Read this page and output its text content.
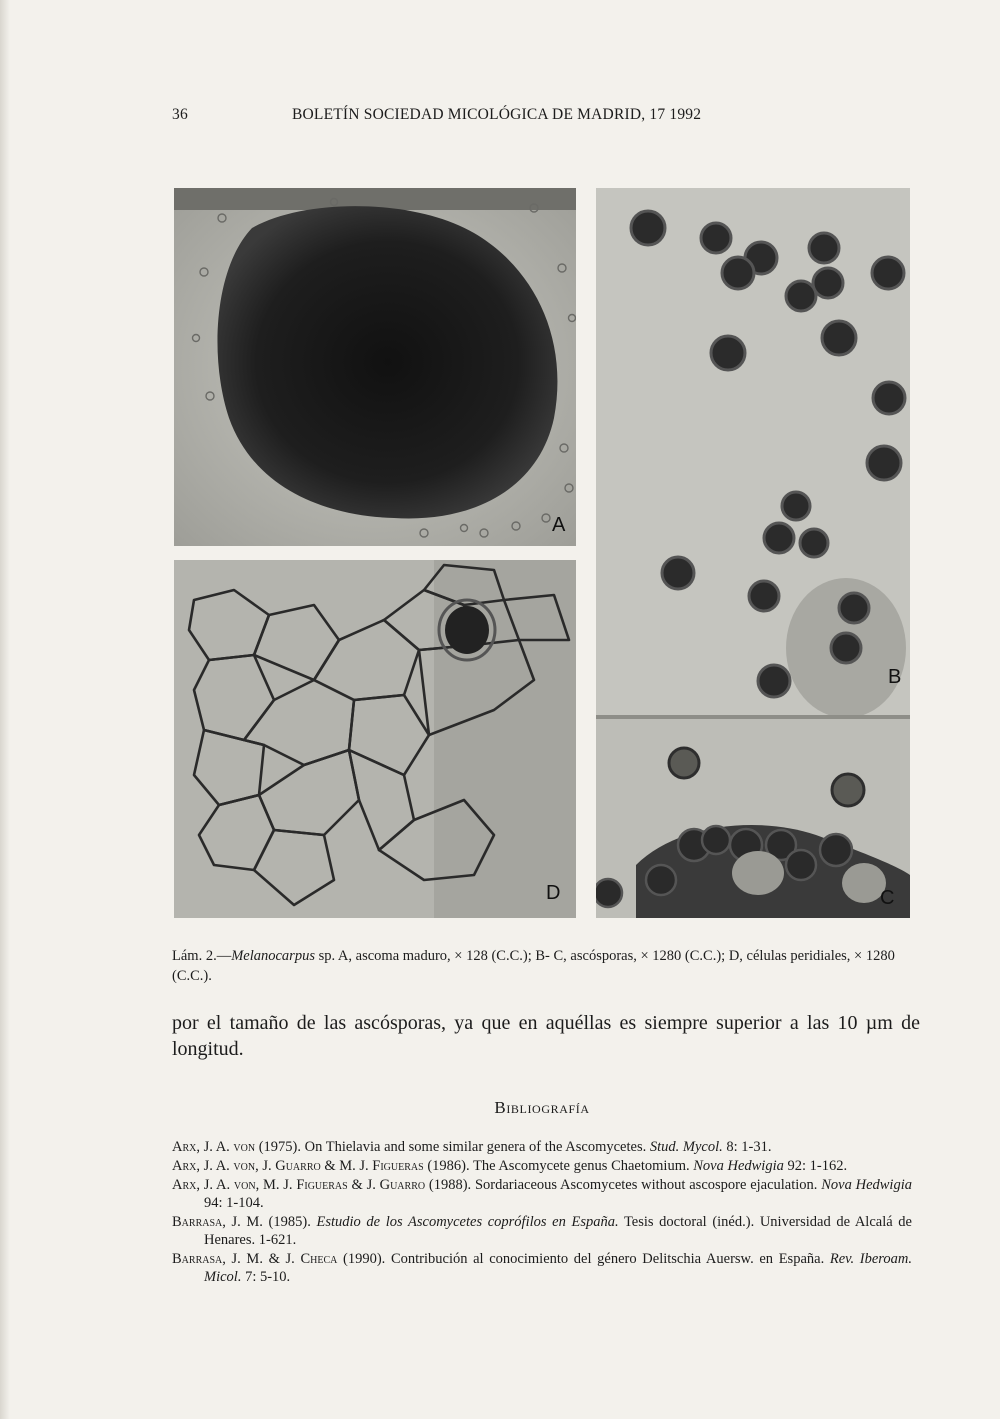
36	BOLETÍN SOCIEDAD MICOLÓGICA DE MADRID, 17 1992
A
D
B
C
Lám. 2.—Melanocarpus sp. A, ascoma maduro, × 128 (C.C.); B- C, ascósporas, × 1280 (C.C.); D, células peridiales, × 1280 (C.C.).
por el tamaño de las ascósporas, ya que en aquéllas es siempre superior a las 10 µm de longitud.
Bibliografía
Arx, J. A. von (1975). On Thielavia and some similar genera of the Ascomycetes. Stud. Mycol. 8: 1-31.
Arx, J. A. von, J. Guarro & M. J. Figueras (1986). The Ascomycete genus Chaetomium. Nova Hedwigia 92: 1-162.
Arx, J. A. von, M. J. Figueras & J. Guarro (1988). Sordariaceous Ascomycetes without ascospore ejaculation. Nova Hedwigia 94: 1-104.
Barrasa, J. M. (1985). Estudio de los Ascomycetes coprófilos en España. Tesis doctoral (inéd.). Universidad de Alcalá de Henares. 1-621.
Barrasa, J. M. & J. Checa (1990). Contribución al conocimiento del género Delitschia Auersw. en España. Rev. Iberoam. Micol. 7: 5-10.
